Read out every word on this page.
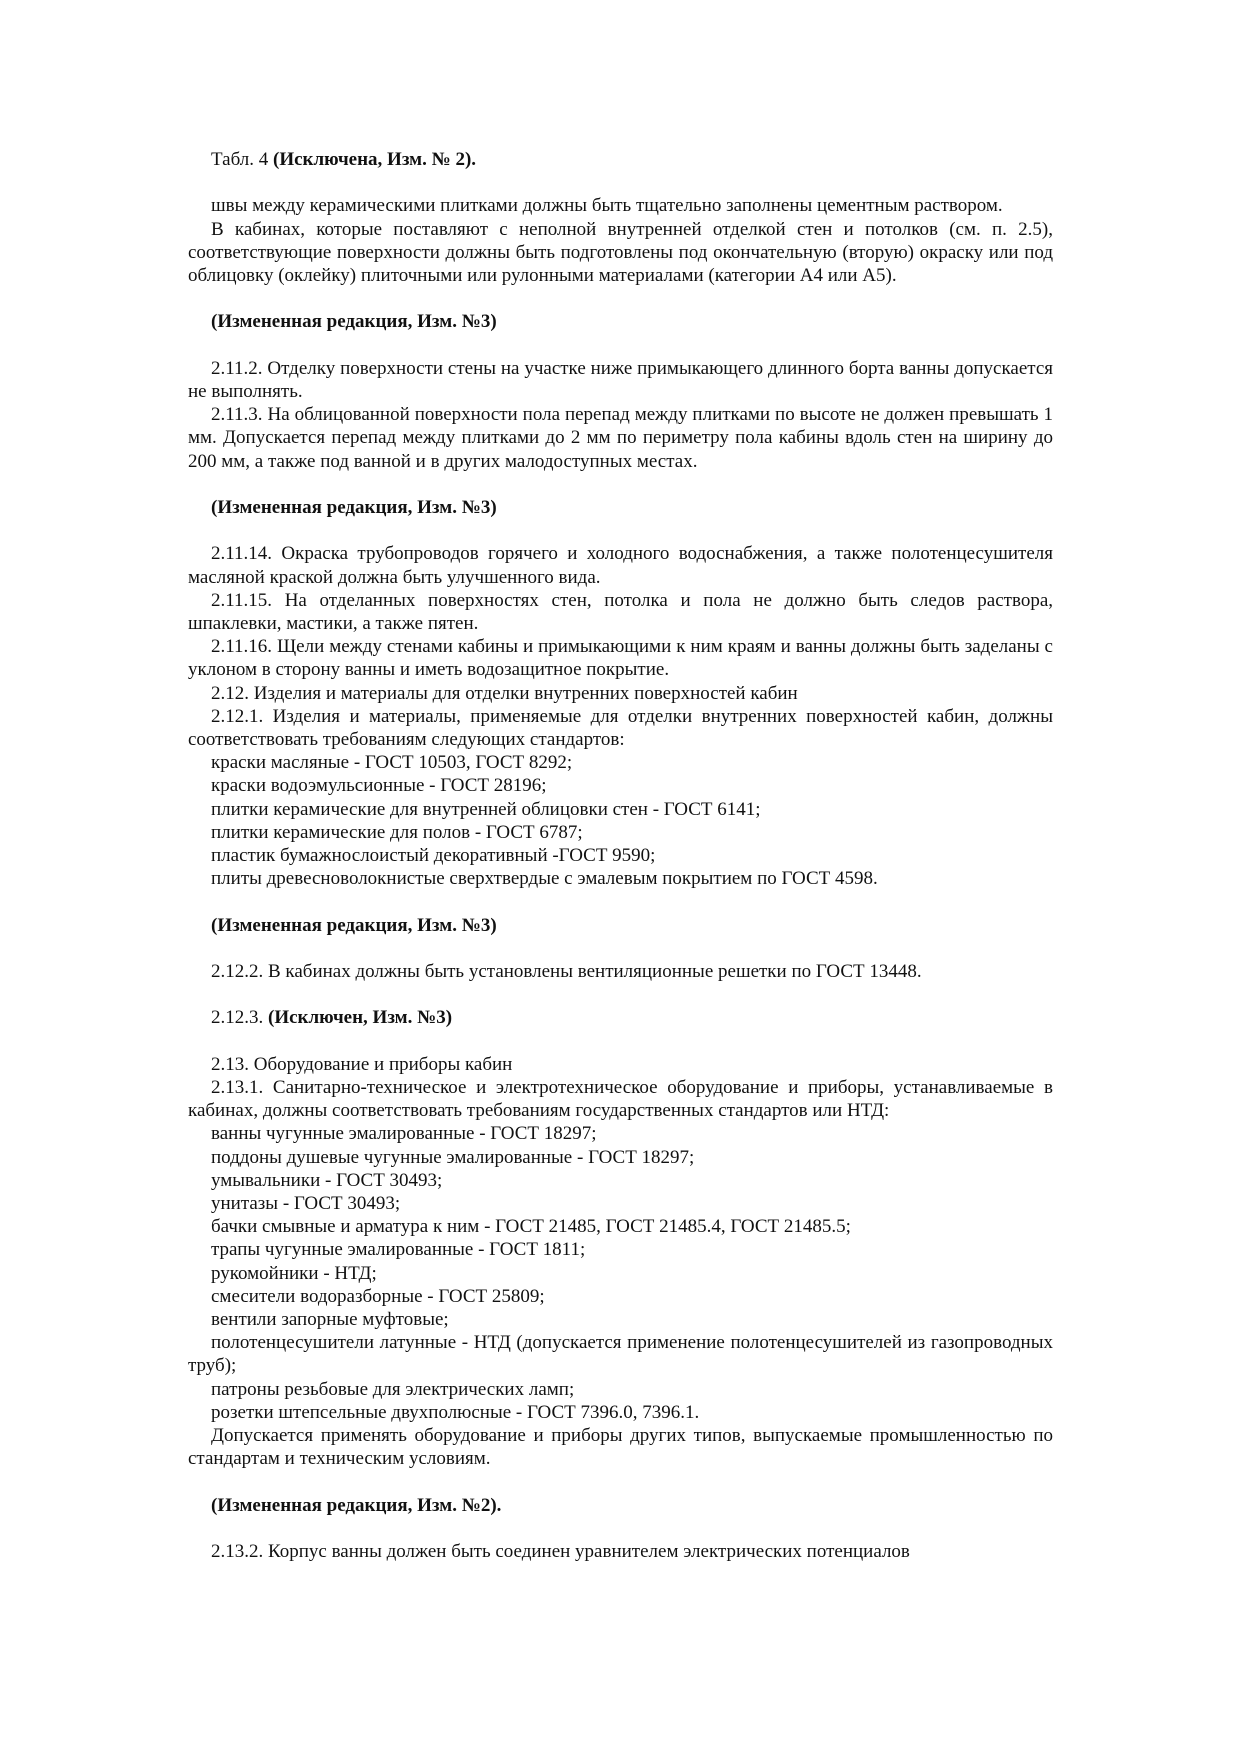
Табл. 4 (Исключена, Изм. № 2).

швы между керамическими плитками должны быть тщательно заполнены цементным раствором.

В кабинах, которые поставляют с неполной внутренней отделкой стен и потолков (см. п. 2.5), соответствующие поверхности должны быть подготовлены под окончательную (вторую) окраску или под облицовку (оклейку) плиточными или рулонными материалами (категории А4 или А5).

(Измененная редакция, Изм. №3)

2.11.2. Отделку поверхности стены на участке ниже примыкающего длинного борта ванны допускается не выполнять.

2.11.3. На облицованной поверхности пола перепад между плитками по высоте не должен превышать 1 мм. Допускается перепад между плитками до 2 мм по периметру пола кабины вдоль стен на ширину до 200 мм, а также под ванной и в других малодоступных местах.

(Измененная редакция, Изм. №3)

2.11.14. Окраска трубопроводов горячего и холодного водоснабжения, а также полотенцесушителя масляной краской должна быть улучшенного вида.

2.11.15. На отделанных поверхностях стен, потолка и пола не должно быть следов раствора, шпаклевки, мастики, а также пятен.

2.11.16. Щели между стенами кабины и примыкающими к ним краям и ванны должны быть заделаны с уклоном в сторону ванны и иметь водозащитное покрытие.

2.12. Изделия и материалы для отделки внутренних поверхностей кабин

2.12.1. Изделия и материалы, применяемые для отделки внутренних поверхностей кабин, должны соответствовать требованиям следующих стандартов:

краски масляные - ГОСТ 10503, ГОСТ 8292;

краски водоэмульсионные - ГОСТ 28196;

плитки керамические для внутренней облицовки стен - ГОСТ 6141;

плитки керамические для полов - ГОСТ 6787;

пластик бумажнослоистый декоративный -ГОСТ 9590;

плиты древесноволокнистые сверхтвердые с эмалевым покрытием по ГОСТ 4598.

(Измененная редакция, Изм. №3)

2.12.2. В кабинах должны быть установлены вентиляционные решетки по ГОСТ 13448.

2.12.3. (Исключен, Изм. №3)

2.13. Оборудование и приборы кабин

2.13.1. Санитарно-техническое и электротехническое оборудование и приборы, устанавливаемые в кабинах, должны соответствовать требованиям государственных стандартов или НТД:

ванны чугунные эмалированные - ГОСТ 18297;

поддоны душевые чугунные эмалированные - ГОСТ 18297;

умывальники - ГОСТ 30493;

унитазы - ГОСТ 30493;

бачки смывные и арматура к ним - ГОСТ 21485, ГОСТ 21485.4, ГОСТ 21485.5;

трапы чугунные эмалированные - ГОСТ 1811;

рукомойники - НТД;

смесители водоразборные - ГОСТ 25809;

вентили запорные муфтовые;

полотенцесушители латунные - НТД (допускается применение полотенцесушителей из газопроводных труб);

патроны резьбовые для электрических ламп;

розетки штепсельные двухполюсные - ГОСТ 7396.0, 7396.1.

Допускается применять оборудование и приборы других типов, выпускаемые промышленностью по стандартам и техническим условиям.

(Измененная редакция, Изм. №2).

2.13.2. Корпус ванны должен быть соединен уравнителем электрических потенциалов
